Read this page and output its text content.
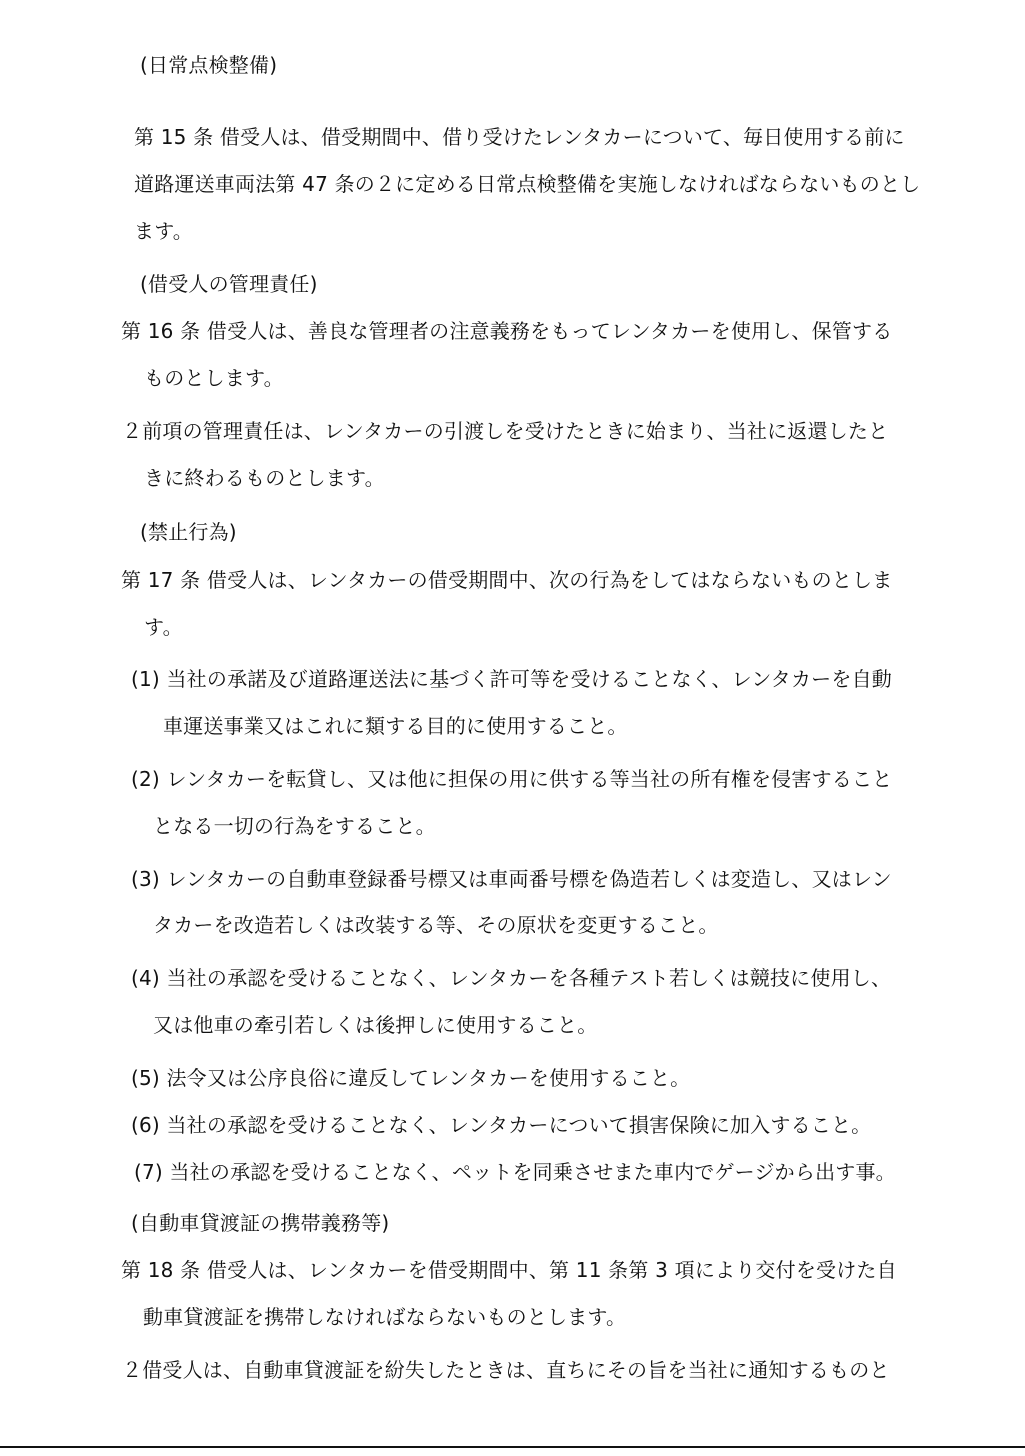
(日常点検整備)
第 15 条 借受人は、借受期間中、借り受けたレンタカーについて、毎日使用する前に
道路運送車両法第 47 条の２に定める日常点検整備を実施しなければならないものとし
ます。
(借受人の管理責任)
第 16 条 借受人は、善良な管理者の注意義務をもってレンタカーを使用し、保管する
ものとします。
２前項の管理責任は、レンタカーの引渡しを受けたときに始まり、当社に返還したと
きに終わるものとします。
(禁止行為)
第 17 条 借受人は、レンタカーの借受期間中、次の行為をしてはならないものとしま
す。
(1) 当社の承諾及び道路運送法に基づく許可等を受けることなく、レンタカーを自動
車運送事業又はこれに類する目的に使用すること。
(2) レンタカーを転貸し、又は他に担保の用に供する等当社の所有権を侵害すること
となる一切の行為をすること。
(3) レンタカーの自動車登録番号標又は車両番号標を偽造若しくは変造し、又はレン
タカーを改造若しくは改装する等、その原状を変更すること。
(4) 当社の承認を受けることなく、レンタカーを各種テスト若しくは競技に使用し、
又は他車の牽引若しくは後押しに使用すること。
(5) 法令又は公序良俗に違反してレンタカーを使用すること。
(6) 当社の承認を受けることなく、レンタカーについて損害保険に加入すること。
(7) 当社の承認を受けることなく、ペットを同乗させまた車内でゲージから出す事。
(自動車貸渡証の携帯義務等)
第 18 条 借受人は、レンタカーを借受期間中、第 11 条第 3 項により交付を受けた自
動車貸渡証を携帯しなければならないものとします。
２借受人は、自動車貸渡証を紛失したときは、直ちにその旨を当社に通知するものと
